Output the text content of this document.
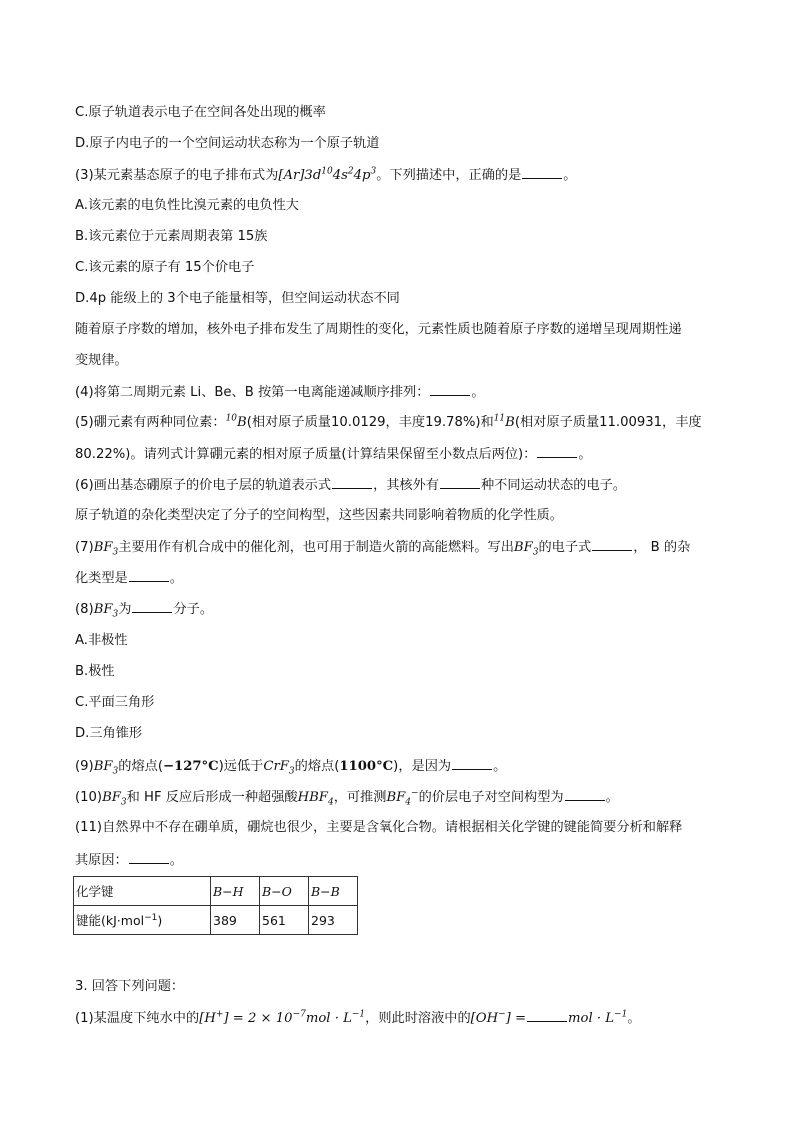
C.原子轨道表示电子在空间各处出现的概率
D.原子内电子的一个空间运动状态称为一个原子轨道
(3)某元素基态原子的电子排布式为$[Ar]3d^{10}4s^24p^3$。下列描述中，正确的是	。
A.该元素的电负性比溴元素的电负性大
B.该元素位于元素周期表第 15族
C.该元素的原子有 15个价电子
D.4p 能级上的 3个电子能量相等，但空间运动状态不同
随着原子序数的增加，核外电子排布发生了周期性的变化，元素性质也随着原子序数的递增呈现周期性递
变规律。
(4)将第二周期元素 Li、Be、B 按第一电离能递减顺序排列：	。
(5)硼元素有两种同位素：$^{10}$B(相对原子质量10.0129，丰度19.78%)和$^{11}$B(相对原子质量11.00931，丰度
80.22%)。请列式计算硼元素的相对原子质量(计算结果保留至小数点后两位)：	。
(6)画出基态硼原子的价电子层的轨道表示式	，其核外有	种不同运动状态的电子。
原子轨道的杂化类型决定了分子的空间构型，这些因素共同影响着物质的化学性质。
$(7)BF_3$主要用作有机合成中的催化剂，也可用于制造火箭的高能燃料。写出$BF_3$的电子式	， B 的杂
化类型是	。
$(8)BF_3$为	分子。
A.非极性
B.极性
C.平面三角形
D.三角锥形
$(9)BF_3$的熔点(−127°C)远低于CrF$_3$的熔点(1100°C)，是因为	。
$(10)BF_3$和 HF 反应后形成一种超强酸$HBF_4$，可推测$BF_4^-$的价层电子对空间构型为	。
(11)自然界中不存在硼单质，硼烷也很少，主要是含氧化合物。请根据相关化学键的键能简要分析和解释
其原因：	。
化学键	B−H	B−O	B−B
键能(kJ·mol$^{-1}$)	389	561	293
3. 回答下列问题：
(1)某温度下纯水中的$[H^+] = 2 \times 10^{-7}mol \cdot L^{-1}$，则此时溶液中的[OH−] =	mol · $L^{-1}$。
